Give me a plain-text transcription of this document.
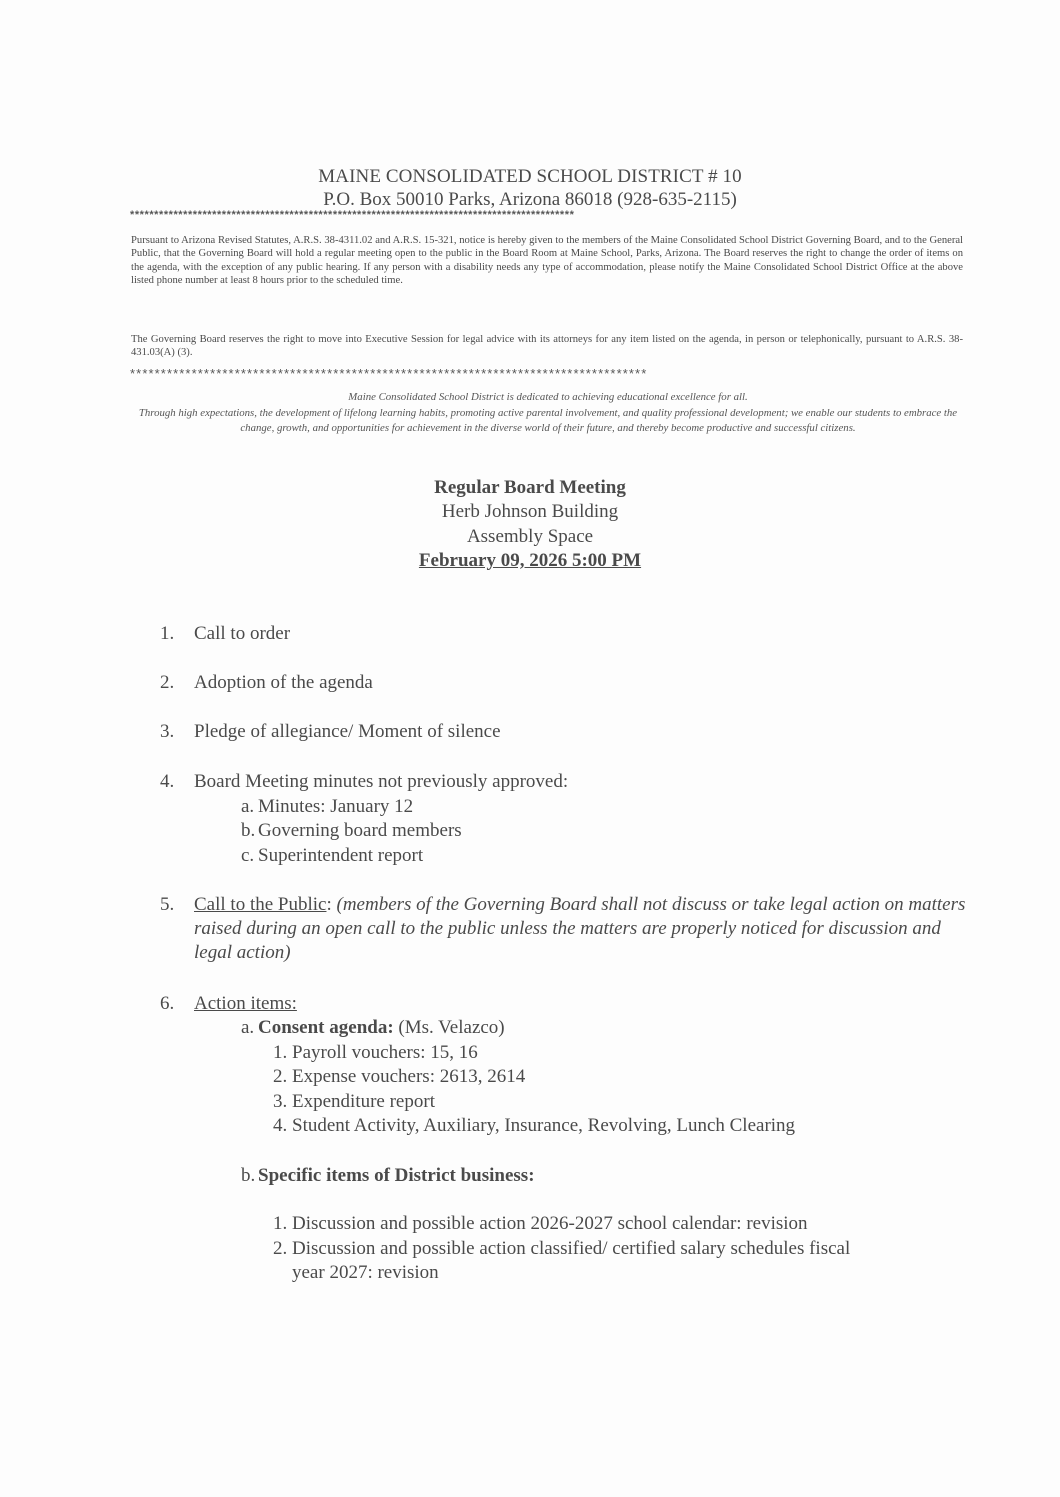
MAINE CONSOLIDATED SCHOOL DISTRICT # 10
P.O. Box 50010 Parks, Arizona 86018 (928-635-2115)
********************************************************************************************
Pursuant to Arizona Revised Statutes, A.R.S. 38-4311.02 and A.R.S. 15-321, notice is hereby given to the members of the Maine Consolidated School District Governing Board, and to the General Public, that the Governing Board will hold a regular meeting open to the public in the Board Room at Maine School, Parks, Arizona. The Board reserves the right to change the order of items on the agenda, with the exception of any public hearing. If any person with a disability needs any type of accommodation, please notify the Maine Consolidated School District Office at the above listed phone number at least 8 hours prior to the scheduled time.
The Governing Board reserves the right to move into Executive Session for legal advice with its attorneys for any item listed on the agenda, in person or telephonically, pursuant to A.R.S. 38-431.03(A) (3).
************************************************************************************
Maine Consolidated School District is dedicated to achieving educational excellence for all.
Through high expectations, the development of lifelong learning habits, promoting active parental involvement, and quality professional development; we enable our students to embrace the change, growth, and opportunities for achievement in the diverse world of their future, and thereby become productive and successful citizens.
Regular Board Meeting
Herb Johnson Building
Assembly Space
February 09, 2026 5:00 PM
1. Call to order
2. Adoption of the agenda
3. Pledge of allegiance/ Moment of silence
4. Board Meeting minutes not previously approved:
a. Minutes: January 12
b. Governing board members
c. Superintendent report
5. Call to the Public: (members of the Governing Board shall not discuss or take legal action on matters raised during an open call to the public unless the matters are properly noticed for discussion and legal action)
6. Action items:
a. Consent agenda: (Ms. Velazco)
1. Payroll vouchers: 15, 16
2. Expense vouchers: 2613, 2614
3. Expenditure report
4. Student Activity, Auxiliary, Insurance, Revolving, Lunch Clearing
b. Specific items of District business:
1. Discussion and possible action 2026-2027 school calendar: revision
2. Discussion and possible action classified/ certified salary schedules fiscal
year 2027: revision
